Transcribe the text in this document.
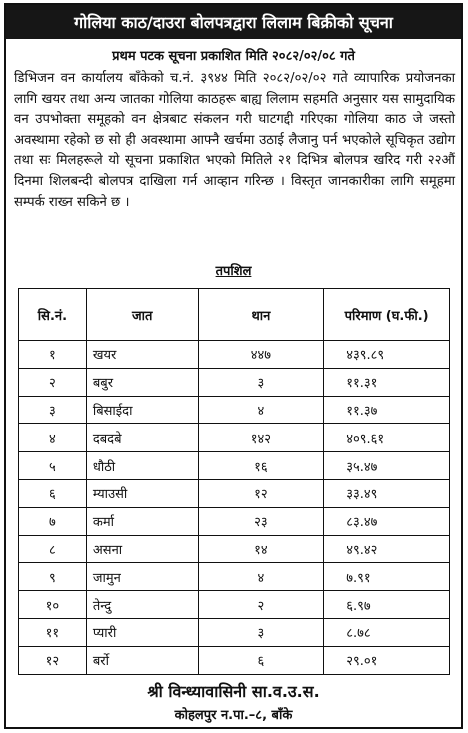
गोलिया काठ/दाउरा बोलपत्रद्वारा लिलाम बिक्रीको सूचना
प्रथम पटक सूचना प्रकाशित मिति २०८२/०२/०८ गते
डिभिजन वन कार्यालय बाँकेको च.नं. ३९४४ मिति २०८२/०२/०२ गते व्यापारिक प्रयोजनका लागि खयर तथा अन्य जातका गोलिया काठहरू बाह्य लिलाम सहमति अनुसार यस सामुदायिक वन उपभोक्ता समूहको वन क्षेत्रबाट संकलन गरी घाटगद्दी गरिएका गोलिया काठ जे जस्तो अवस्थामा रहेको छ सो ही अवस्थामा आफ्नै खर्चमा उठाई लैजानु पर्न भएकोले सूचिकृत उद्योग तथा सः मिलहरूले यो सूचना प्रकाशित भएको मितिले २१ दिभित्र बोलपत्र खरिद गरी २२औं दिनमा शिलबन्दी बोलपत्र दाखिला गर्न आव्हान गरिन्छ । विस्तृत जानकारीका लागि समूहमा सम्पर्क राख्न सकिने छ ।
तपशिल
सि.नं.	जात	थान	परिमाण (घ.फी.)
१	खयर	४४७	४३९.८९
२	बबुर	३	११.३१
३	बिसाईदा	४	११.३७
४	दबदबे	१४२	४०९.६१
५	धौठी	१६	३५.४७
६	म्याउसी	१२	३३.४९
७	कर्मा	२३	८३.४७
८	असना	१४	४९.४२
९	जामुन	४	७.९१
१०	तेन्दु	२	६.९७
११	प्यारी	३	८.७८
१२	बर्रो	६	२९.०१
श्री विन्ध्यावासिनी सा.व.उ.स.
कोहलपुर न.पा.–८, बाँके
